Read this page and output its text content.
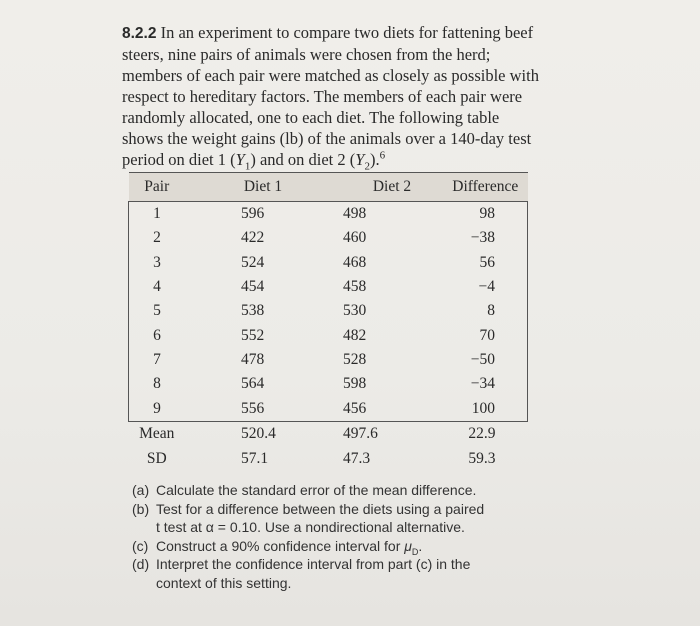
8.2.2 In an experiment to compare two diets for fattening beef steers, nine pairs of animals were chosen from the herd; members of each pair were matched as closely as possible with respect to hereditary factors. The members of each pair were randomly allocated, one to each diet. The following table shows the weight gains (lb) of the animals over a 140-day test period on diet 1 $(Y_1)$ and on diet 2 $(Y_2).^6$
Pair	Diet 1	Diet 2	Difference
1	596	498	98
2	422	460	−38
3	524	468	56
4	454	458	−4
5	538	530	8
6	552	482	70
7	478	528	−50
8	564	598	−34
9	556	456	100
Mean	520.4	497.6	22.9
SD	57.1	47.3	59.3
(a) Calculate the standard error of the mean difference.
(b) Test for a difference between the diets using a paired
t test at α = 0.10. Use a nondirectional alternative.
(c) Construct a 90% confidence interval for $\mu_D$.
(d) Interpret the confidence interval from part (c) in the
context of this setting.
